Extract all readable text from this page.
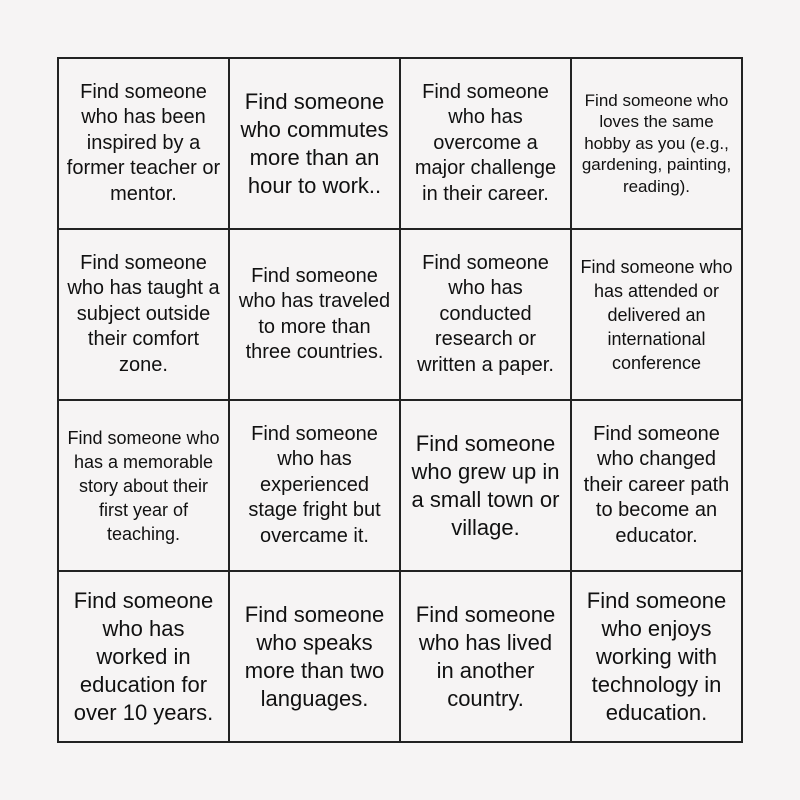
Find someone who has been inspired by a former teacher or mentor.
Find someone who commutes more than an hour to work..
Find someone who has overcome a major challenge in their career.
Find someone who loves the same hobby as you (e.g., gardening, painting, reading).
Find someone who has taught a subject outside their comfort zone.
Find someone who has traveled to more than three countries.
Find someone who has conducted research or written a paper.
Find someone who has attended or delivered an international conference
Find someone who has a memorable story about their first year of teaching.
Find someone who has experienced stage fright but overcame it.
Find someone who grew up in a small town or village.
Find someone who changed their career path to become an educator.
Find someone who has worked in education for over 10 years.
Find someone who speaks more than two languages.
Find someone who has lived in another country.
Find someone who enjoys working with technology in education.
